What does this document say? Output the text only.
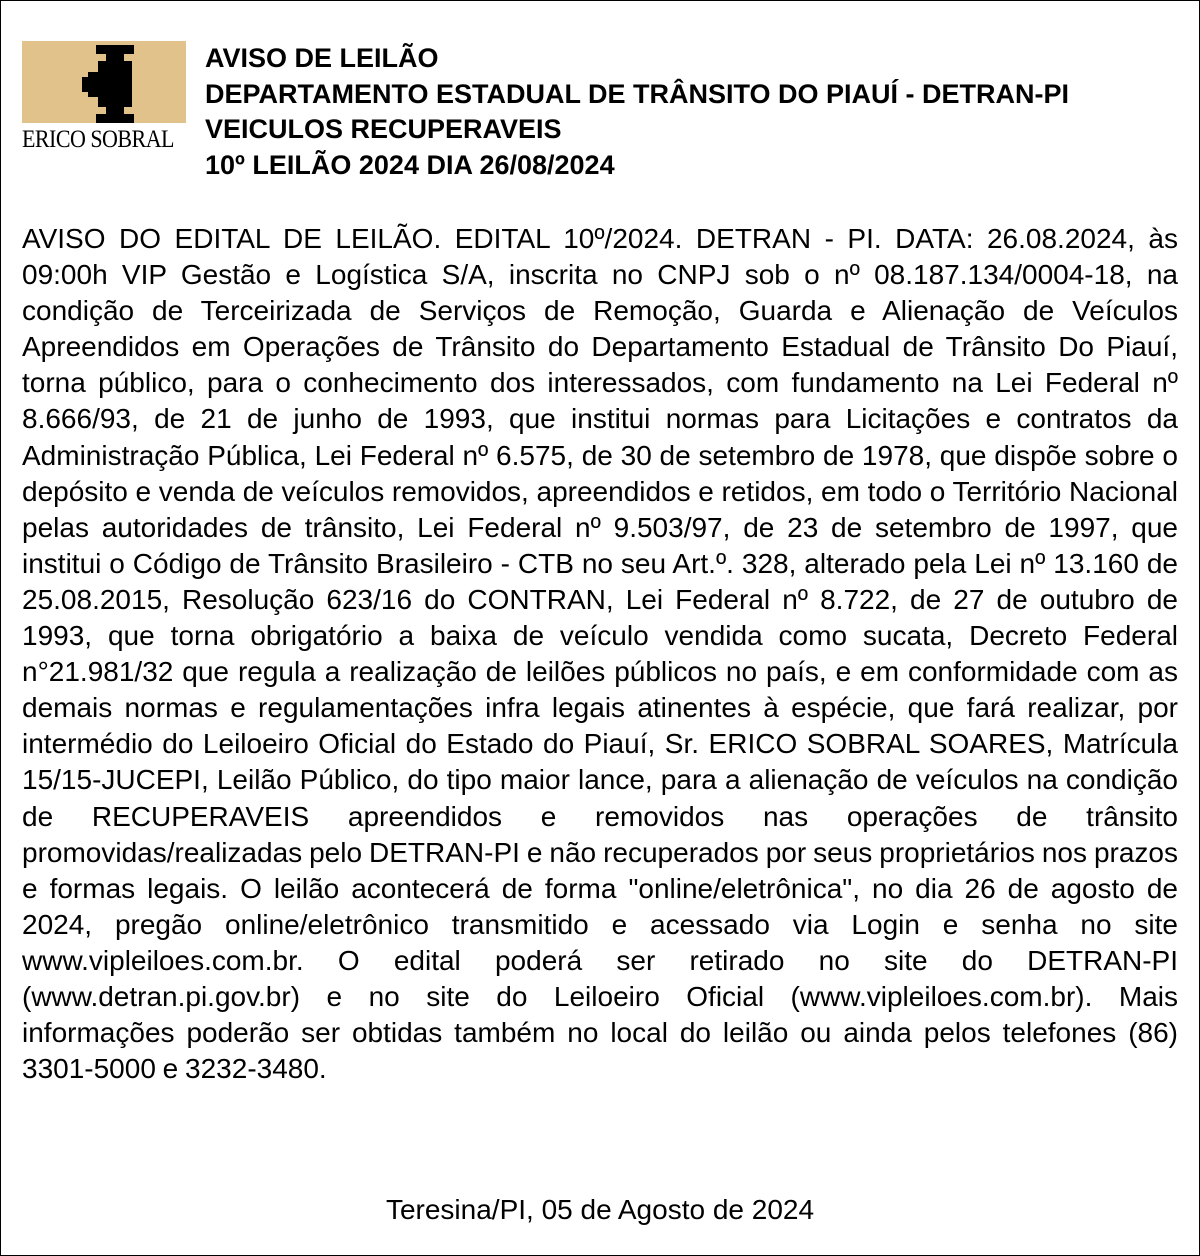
ERICO SOBRAL
AVISO DE LEILÃO
DEPARTAMENTO ESTADUAL DE TRÂNSITO DO PIAUÍ - DETRAN-PI
VEICULOS RECUPERAVEIS
10º LEILÃO 2024 DIA 26/08/2024

AVISO DO EDITAL DE LEILÃO. EDITAL 10º/2024. DETRAN - PI. DATA: 26.08.2024, às 09:00h VIP Gestão e Logística S/A, inscrita no CNPJ sob o nº 08.187.134/0004-18, na condição de Terceirizada de Serviços de Remoção, Guarda e Alienação de Veículos Apreendidos em Operações de Trânsito do Departamento Estadual de Trânsito Do Piauí, torna público, para o conhecimento dos interessados, com fundamento na Lei Federal nº 8.666/93, de 21 de junho de 1993, que institui normas para Licitações e contratos da Administração Pública, Lei Federal nº 6.575, de 30 de setembro de 1978, que dispõe sobre o depósito e venda de veículos removidos, apreendidos e retidos, em todo o Território Nacional pelas autoridades de trânsito, Lei Federal nº 9.503/97, de 23 de setembro de 1997, que institui o Código de Trânsito Brasileiro - CTB no seu Art.º. 328, alterado pela Lei nº 13.160 de 25.08.2015, Resolução 623/16 do CONTRAN, Lei Federal nº 8.722, de 27 de outubro de 1993, que torna obrigatório a baixa de veículo vendida como sucata, Decreto Federal n°21.981/32 que regula a realização de leilões públicos no país, e em conformidade com as demais normas e regulamentações infra legais atinentes à espécie, que fará realizar, por intermédio do Leiloeiro Oficial do Estado do Piauí, Sr. ERICO SOBRAL SOARES, Matrícula 15/15-JUCEPI, Leilão Público, do tipo maior lance, para a alienação de veículos na condição de RECUPERAVEIS apreendidos e removidos nas operações de trânsito promovidas/realizadas pelo DETRAN-PI e não recuperados por seus proprietários nos prazos e formas legais. O leilão acontecerá de forma "online/eletrônica", no dia 26 de agosto de 2024, pregão online/eletrônico transmitido e acessado via Login e senha no site www.vipleiloes.com.br. O edital poderá ser retirado no site do DETRAN-PI (www.detran.pi.gov.br) e no site do Leiloeiro Oficial (www.vipleiloes.com.br). Mais informações poderão ser obtidas também no local do leilão ou ainda pelos telefones (86) 3301-5000 e 3232-3480.

Teresina/PI, 05 de Agosto de 2024
